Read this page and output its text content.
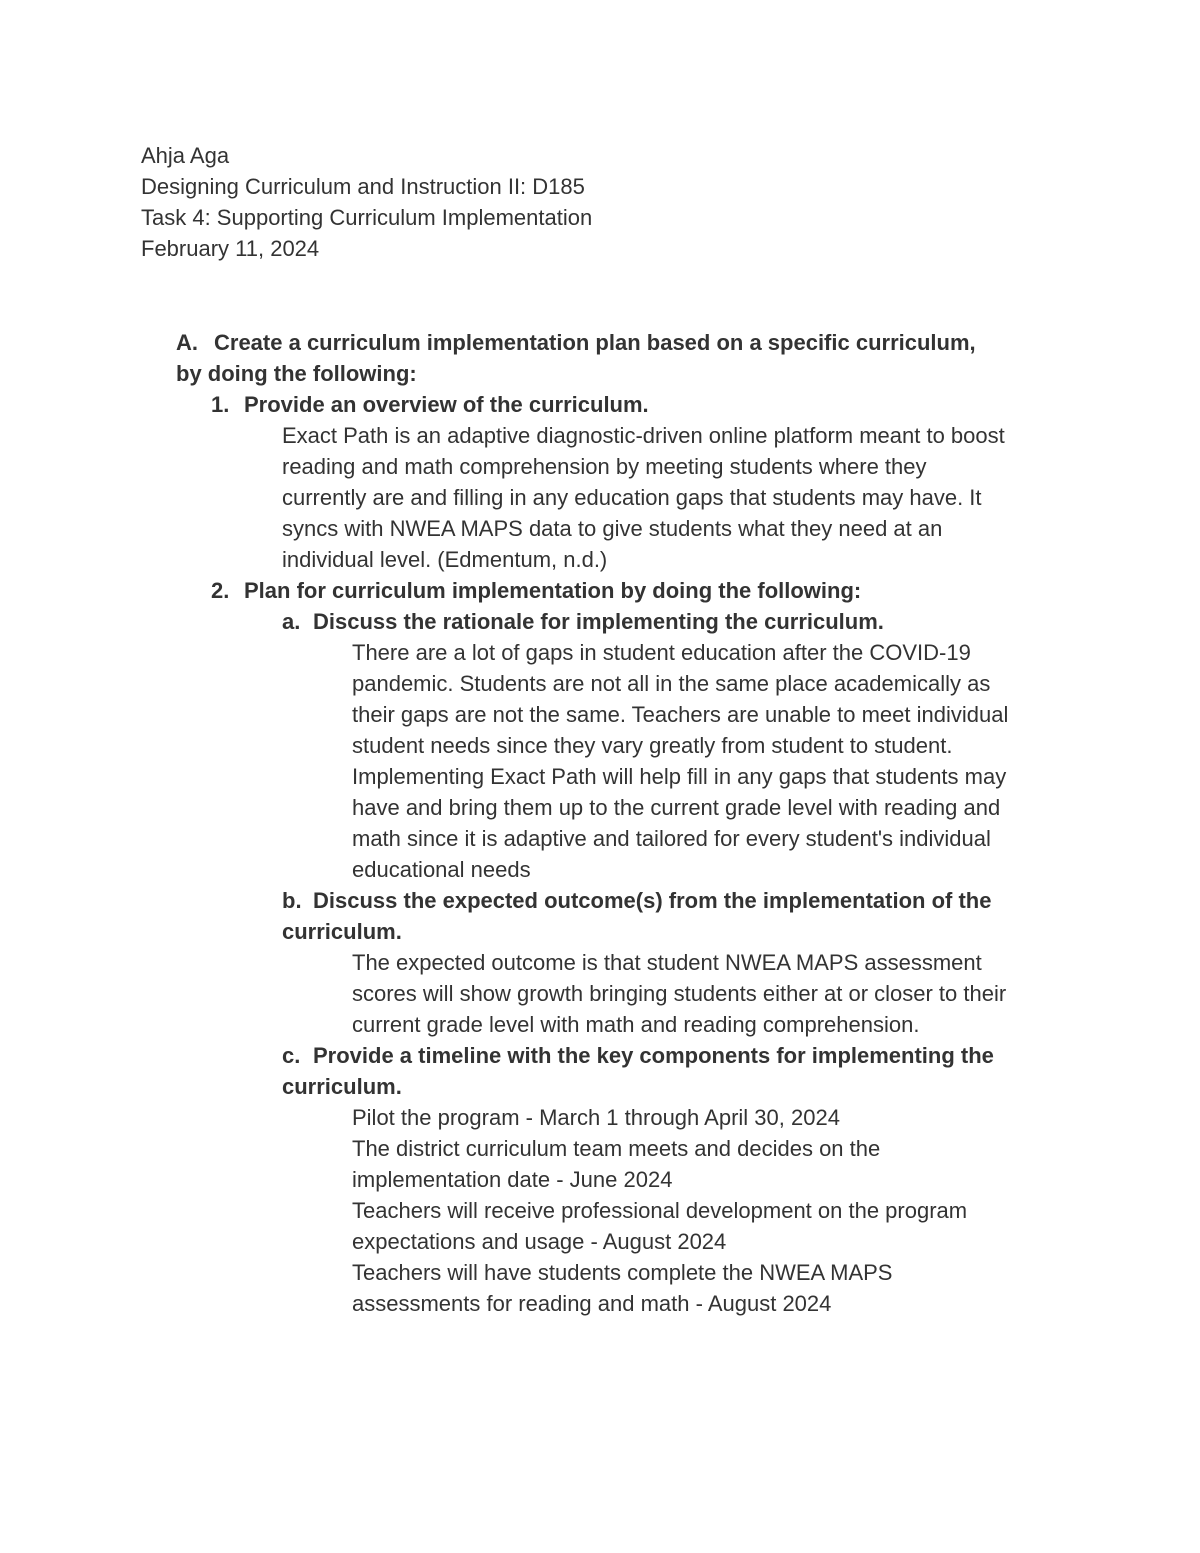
Ahja Aga
Designing Curriculum and Instruction II: D185
Task 4: Supporting Curriculum Implementation
February 11, 2024
A. Create a curriculum implementation plan based on a specific curriculum,
by doing the following:
1. Provide an overview of the curriculum.
Exact Path is an adaptive diagnostic-driven online platform meant to boost
reading and math comprehension by meeting students where they
currently are and filling in any education gaps that students may have. It
syncs with NWEA MAPS data to give students what they need at an
individual level. (Edmentum, n.d.)
2. Plan for curriculum implementation by doing the following:
a. Discuss the rationale for implementing the curriculum.
There are a lot of gaps in student education after the COVID-19
pandemic. Students are not all in the same place academically as
their gaps are not the same. Teachers are unable to meet individual
student needs since they vary greatly from student to student.
Implementing Exact Path will help fill in any gaps that students may
have and bring them up to the current grade level with reading and
math since it is adaptive and tailored for every student's individual
educational needs
b. Discuss the expected outcome(s) from the implementation of the
curriculum.
The expected outcome is that student NWEA MAPS assessment
scores will show growth bringing students either at or closer to their
current grade level with math and reading comprehension.
c. Provide a timeline with the key components for implementing the
curriculum.
Pilot the program - March 1 through April 30, 2024
The district curriculum team meets and decides on the
implementation date - June 2024
Teachers will receive professional development on the program
expectations and usage - August 2024
Teachers will have students complete the NWEA MAPS
assessments for reading and math - August 2024
